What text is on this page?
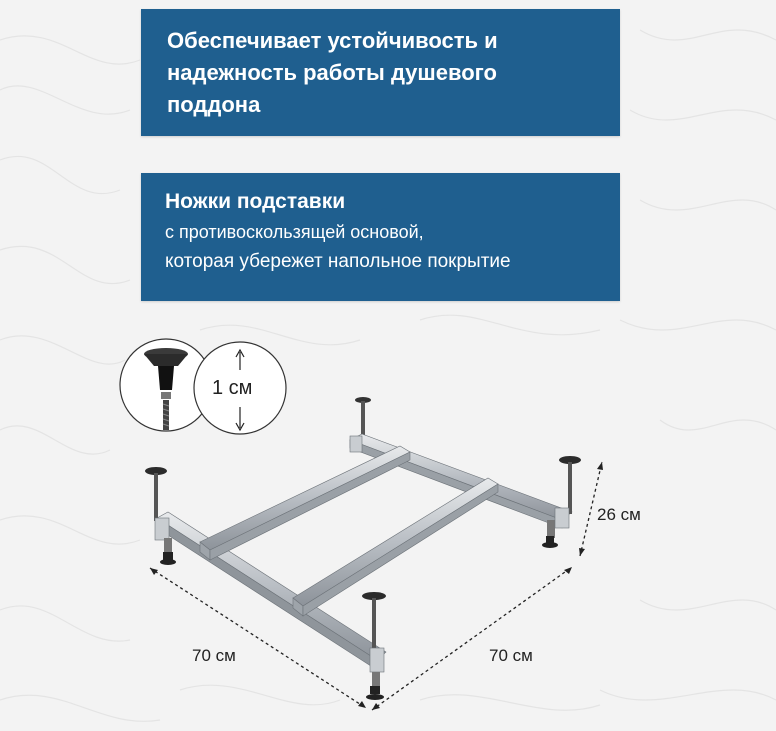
Обеспечивает устойчивость и
надежность работы душевого
поддона

Ножки подставки

с противоскользящей основой,

которая убережет напольное покрытие

1 см
70 см	70 см
26 см
